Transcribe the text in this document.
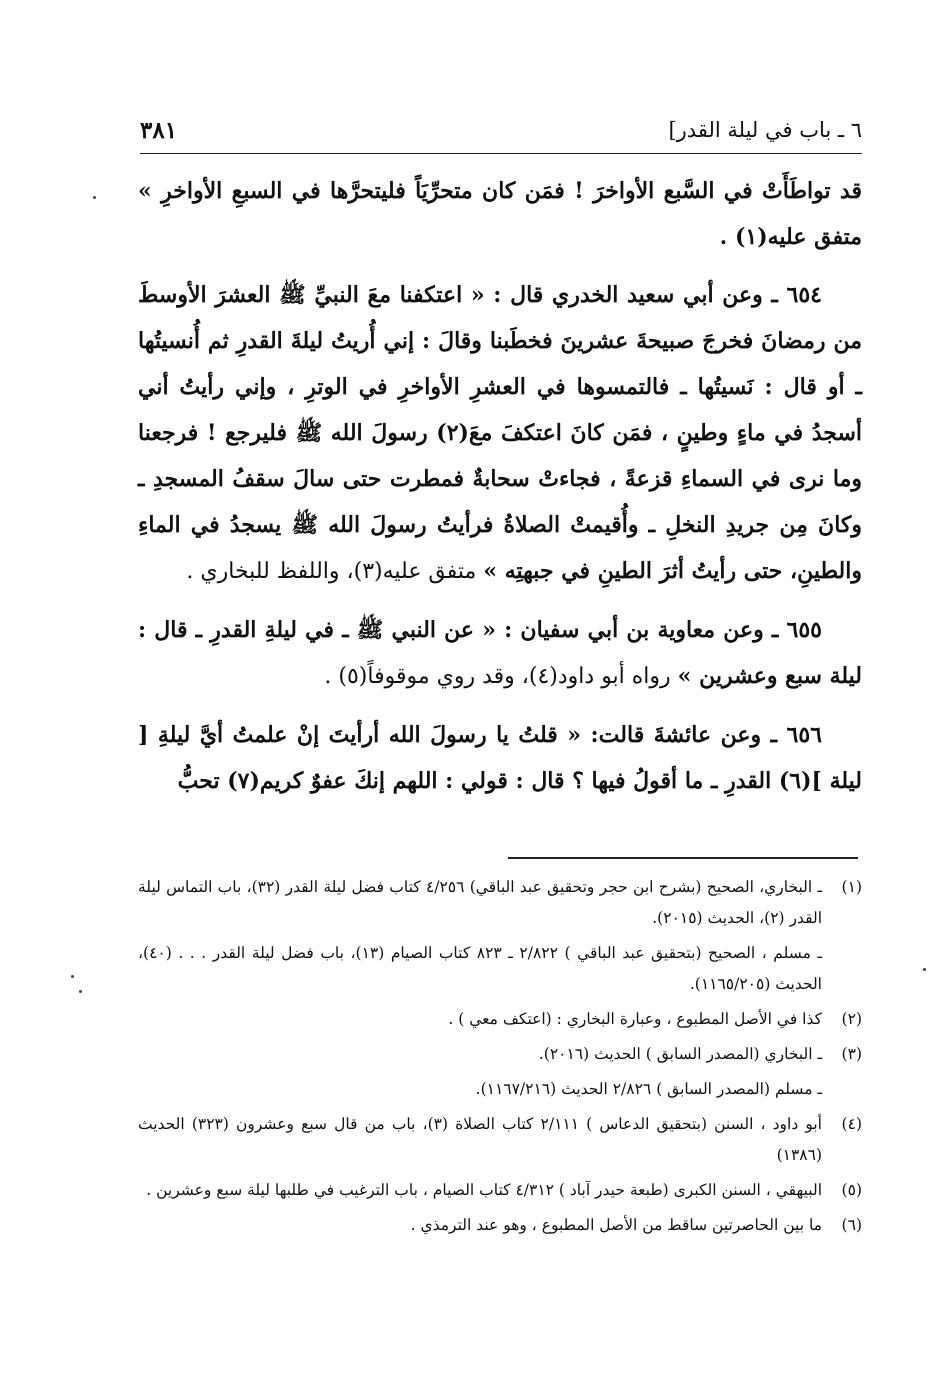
٦ ـ باب في ليلة القدر]
٣٨١

قد تواطَأَتْ في السَّبع الأواخرَ ! فمَن كان متحرِّيَاً فليتحرَّها في السبعِ الأواخرِ » متفق عليه(١) .

٦٥٤ ـ وعن أبي سعيد الخدري قال : « اعتكفنا معَ النبيِّ ﷺ العشرَ الأوسطَ من رمضانَ فخرجَ صبيحةَ عشرينَ فخطَبنا وقالَ : إني أُريتُ ليلةَ القدرِ ثم أُنسيتُها ـ أو قال : نَسيتُها ـ فالتمسوها في العشرِ الأواخرِ في الوترِ ، وإني رأيتُ أني أسجدُ في ماءٍ وطينٍ ، فمَن كانَ اعتكفَ معَ(٢) رسولَ الله ﷺ فليرجع ! فرجعنا وما نرى في السماءِ قزعةً ، فجاءتْ سحابةٌ فمطرت حتى سالَ سقفُ المسجدِ ـ وكانَ مِن جريدِ النخلِ ـ وأُقيمتْ الصلاةُ فرأيتُ رسولَ الله ﷺ يسجدُ في الماءِ والطينِ، حتى رأيتُ أثرَ الطينِ في جبهتِه » متفق عليه(٣)، واللفظ للبخاري .

٦٥٥ ـ وعن معاوية بن أبي سفيان : « عن النبي ﷺ ـ في ليلةِ القدرِ ـ قال : ليلة سبع وعشرين » رواه أبو داود(٤)، وقد روي موقوفاً(٥) .

٦٥٦ ـ وعن عائشةَ قالت: « قلتُ يا رسولَ الله أرأيتَ إنْ علمتُ أيَّ ليلةِ [ ليلة ](٦) القدرِ ـ ما أقولُ فيها ؟ قال : قولي : اللهم إنكَ عفوٌ كريم(٧) تحبُّ

(١)
ـ البخاري، الصحيح (بشرح ابن حجر وتحقيق عبد الباقي) ٤/٢٥٦ كتاب فضل ليلة القدر (٣٢)، باب التماس ليلة القدر (٢)، الحديث (٢٠١٥).
ـ مسلم ، الصحيح (بتحقيق عبد الباقي ) ٢/٨٢٢ ـ ٨٢٣ كتاب الصيام (١٣)، باب فضل ليلة القدر . . . (٤٠)، الحديث (١١٦٥/٢٠٥).
(٢)
كذا في الأصل المطبوع ، وعبارة البخاري : (اعتكف معي ) .
(٣)
ـ البخاري (المصدر السابق ) الحديث (٢٠١٦).
ـ مسلم (المصدر السابق ) ٢/٨٢٦ الحديث (١١٦٧/٢١٦).
(٤)
أبو داود ، السنن (بتحقيق الدعاس ) ٢/١١١ كتاب الصلاة (٣)، باب من قال سبع وعشرون (٣٢٣) الحديث (١٣٨٦)
(٥)
البيهقي ، السنن الكبرى (طبعة حيدر آباد ) ٤/٣١٢ كتاب الصيام ، باب الترغيب في طلبها ليلة سبع وعشرين .
(٦)
ما بين الحاصرتين ساقط من الأصل المطبوع ، وهو عند الترمذي .
